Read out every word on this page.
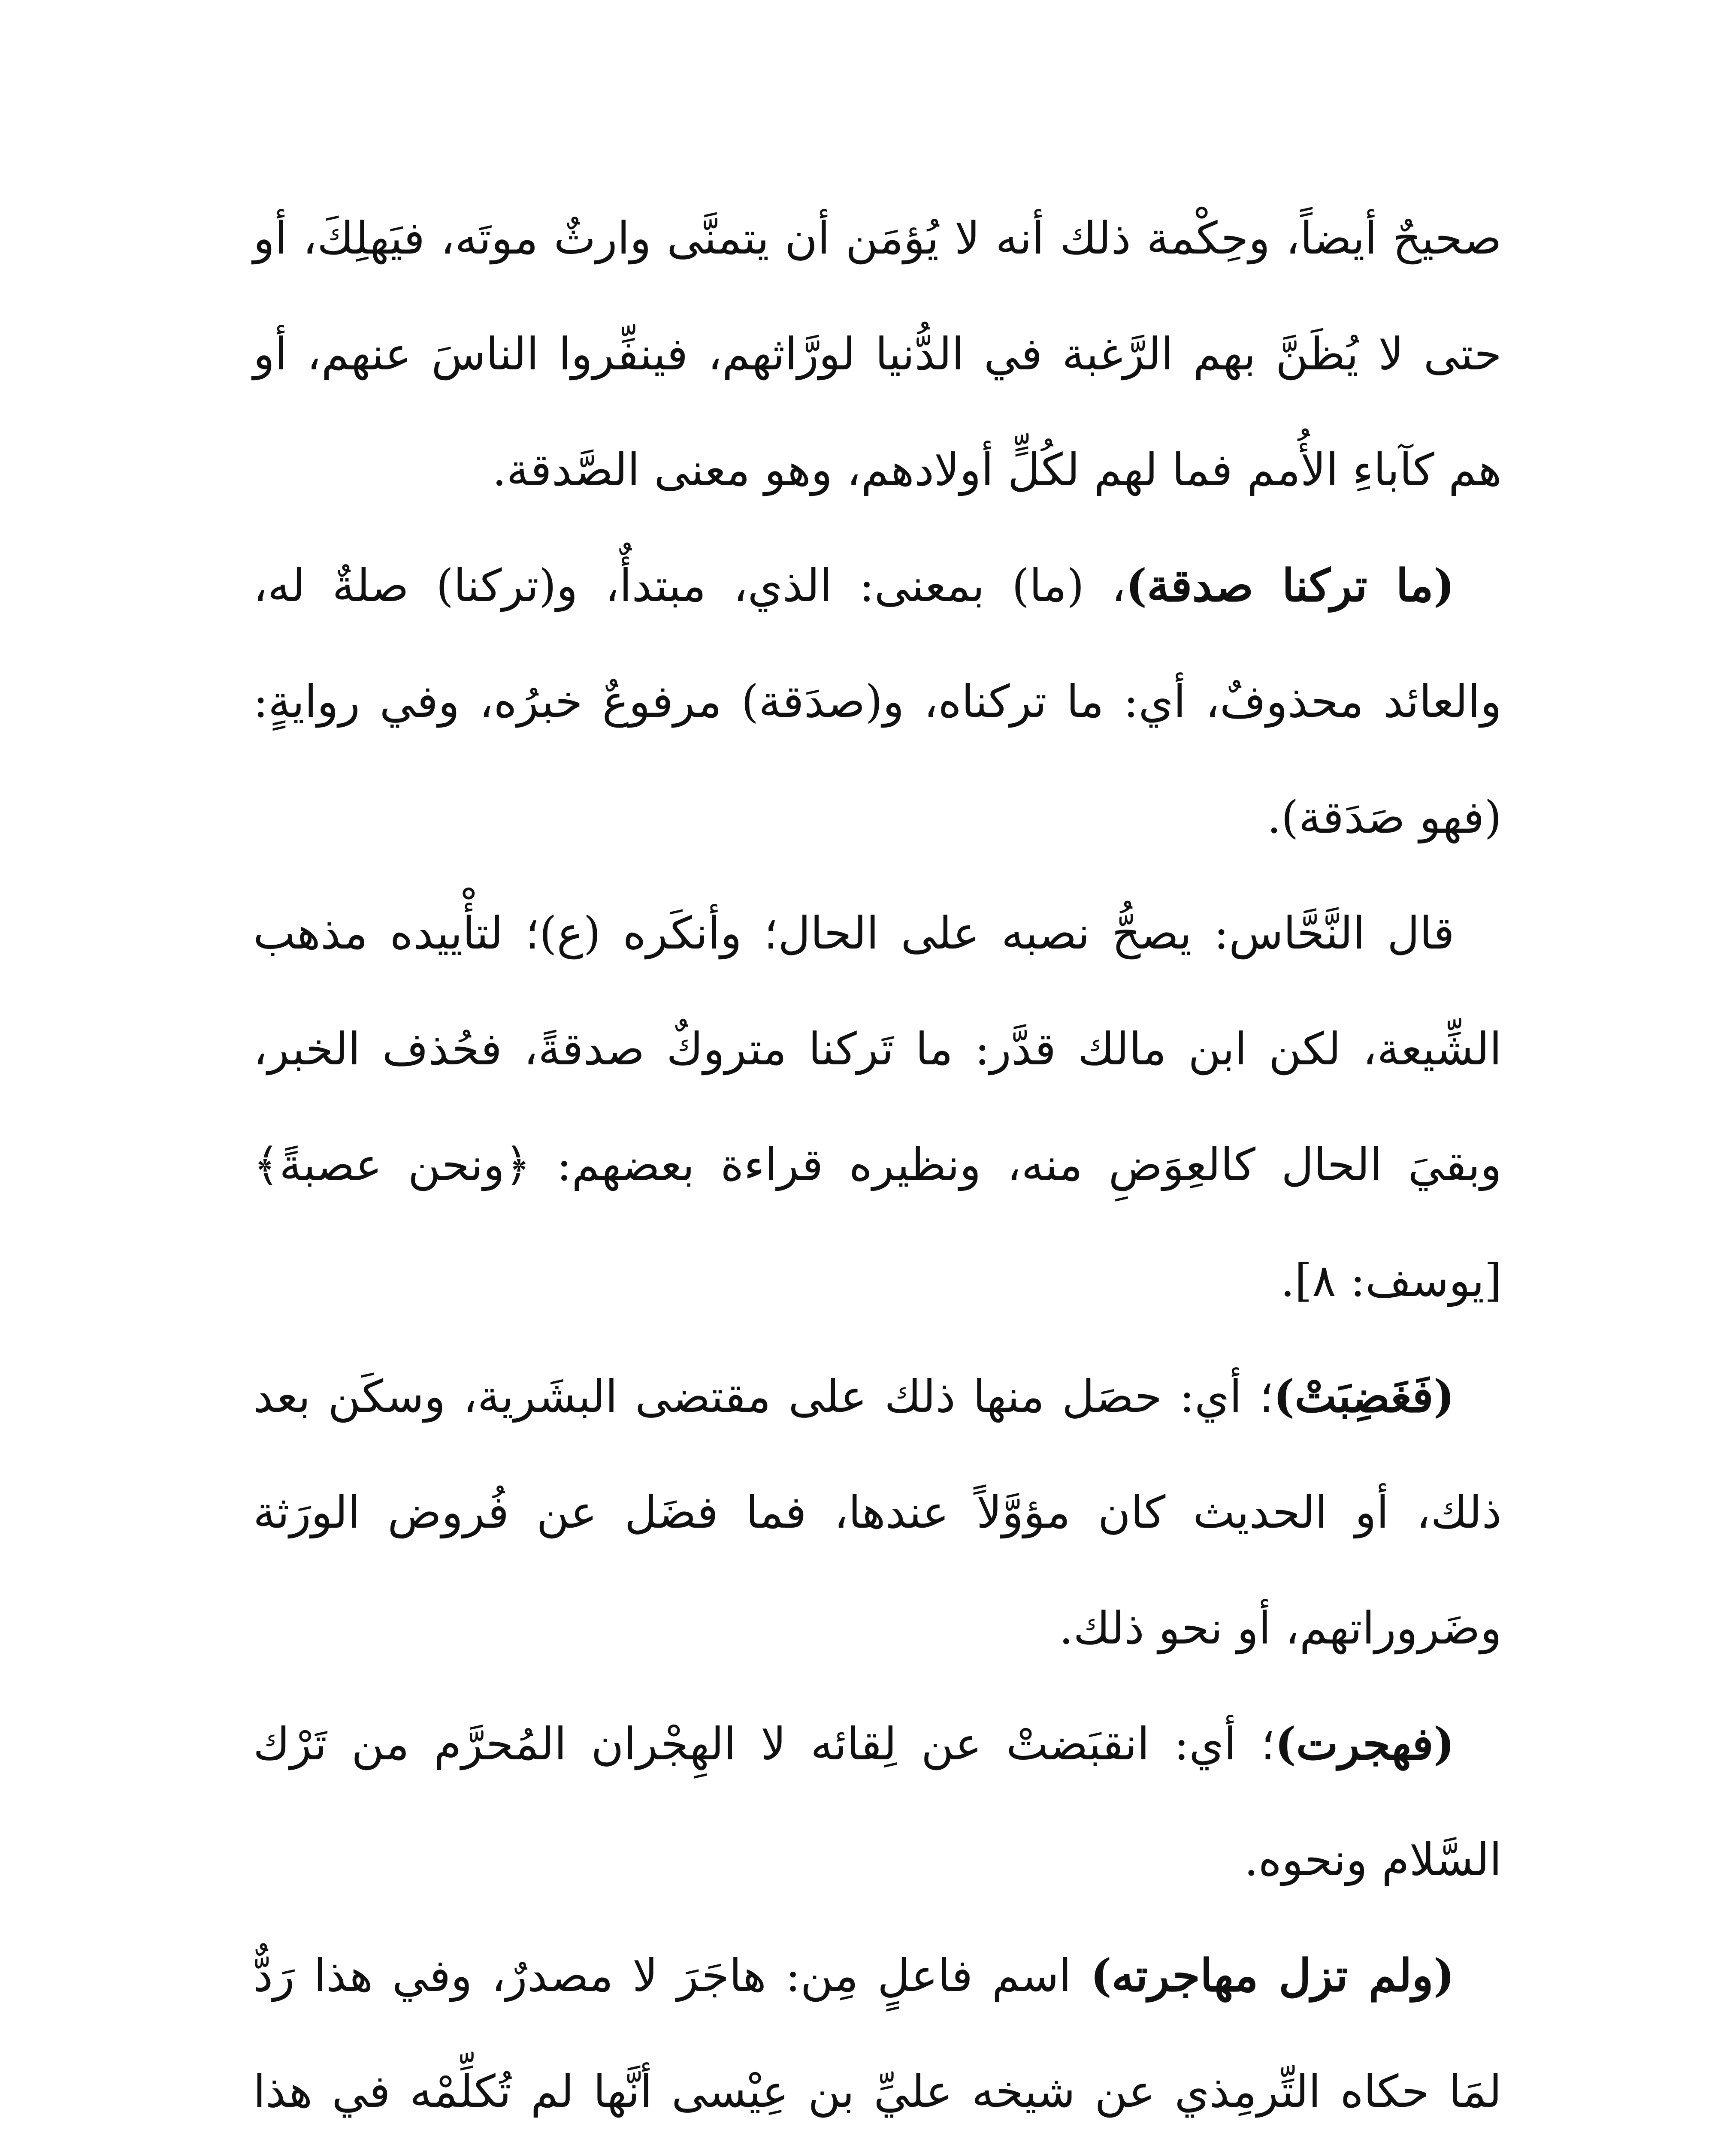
صحيحٌ أيضاً، وحِكْمة ذلك أنه لا يُؤمَن أن يتمنَّى وارثٌ موتَه، فيَهلِكَ، أو حتى لا يُظَنَّ بهم الرَّغبة في الدُّنيا لورَّاثهم، فينفِّروا الناسَ عنهم، أو هم كآباءِ الأُمم فما لهم لكُلٍّ أولادهم، وهو معنى الصَّدقة.

(ما تركنا صدقة)، (ما) بمعنى: الذي، مبتدأٌ، و(تركنا) صلةٌ له، والعائد محذوفٌ، أي: ما تركناه، و(صدَقة) مرفوعٌ خبرُه، وفي روايةٍ: (فهو صَدَقة).

قال النَّحَّاس: يصحُّ نصبه على الحال؛ وأنكَره (ع)؛ لتأْييده مذهب الشِّيعة، لكن ابن مالك قدَّر: ما تَركنا متروكٌ صدقةً، فحُذف الخبر، وبقيَ الحال كالعِوَضِ منه، ونظيره قراءة بعضهم: ﴿ونحن عصبةً﴾[يوسف: ٨].

(فَغَضِبَتْ)؛ أي: حصَل منها ذلك على مقتضى البشَرية، وسكَن بعد ذلك، أو الحديث كان مؤوَّلاً عندها، فما فضَل عن فُروض الورَثة وضَروراتهم، أو نحو ذلك.

(فهجرت)؛ أي: انقبَضتْ عن لِقائه لا الهِجْران المُحرَّم من تَرْك السَّلام ونحوه.

(ولم تزل مهاجرته) اسم فاعلٍ مِن: هاجَرَ لا مصدرٌ، وفي هذا رَدٌّ لمَا حكاه التِّرمِذي عن شيخه عليِّ بن عِيْسى أنَّها لم تُكلِّمْه في هذا
